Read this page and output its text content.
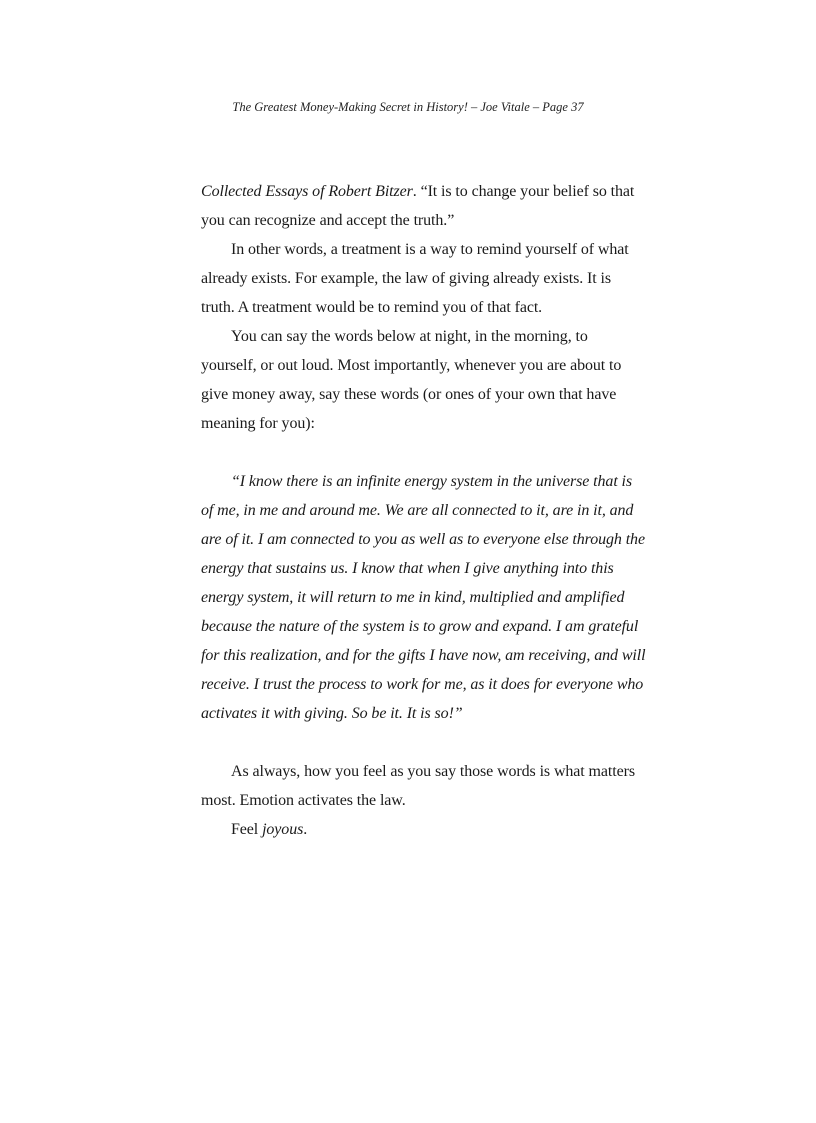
The Greatest Money-Making Secret in History! – Joe Vitale – Page 37

Collected Essays of Robert Bitzer. “It is to change your belief so that you can recognize and accept the truth.”

In other words, a treatment is a way to remind yourself of what already exists. For example, the law of giving already exists. It is truth. A treatment would be to remind you of that fact.

You can say the words below at night, in the morning, to yourself, or out loud. Most importantly, whenever you are about to give money away, say these words (or ones of your own that have meaning for you):

“I know there is an infinite energy system in the universe that is of me, in me and around me. We are all connected to it, are in it, and are of it. I am connected to you as well as to everyone else through the energy that sustains us. I know that when I give anything into this energy system, it will return to me in kind, multiplied and amplified because the nature of the system is to grow and expand. I am grateful for this realization, and for the gifts I have now, am receiving, and will receive. I trust the process to work for me, as it does for everyone who activates it with giving. So be it. It is so!”

As always, how you feel as you say those words is what matters most. Emotion activates the law.

Feel joyous.
